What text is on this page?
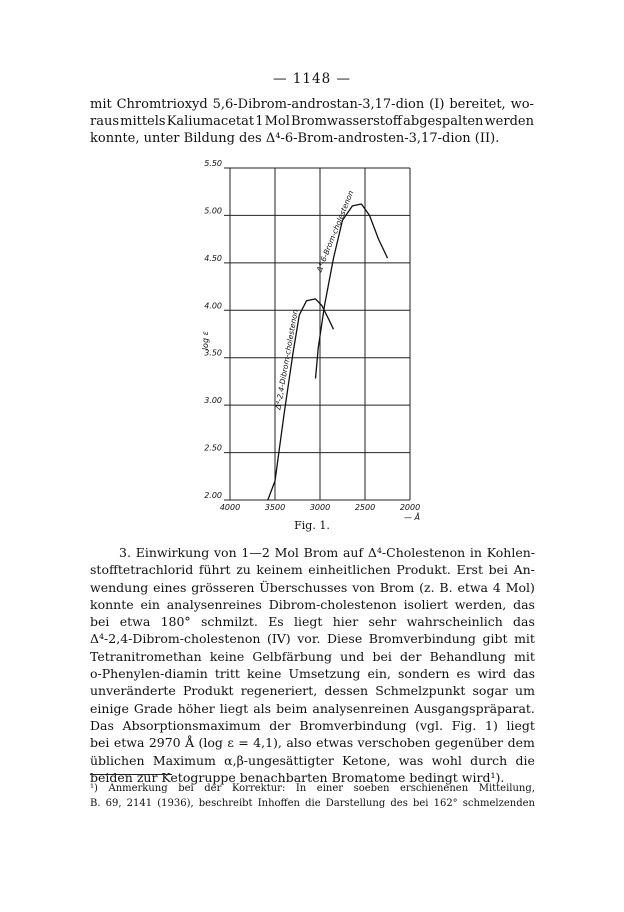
— 1148 —
mit Chromtrioxyd 5,6-Dibrom-androstan-3,17-dion (I) bereitet, wo-
raus mittels Kaliumacetat 1 Mol Bromwasserstoff abgespalten werden
konnte, unter Bildung des Δ⁴-6-Brom-androsten-3,17-dion (II).
2.00
2.50
3.00
3.50
4.00
4.50
5.00
5.50
4000	3500	3000	2500	2000
log ε
— Å
Δ⁴-2,4-Dibrom-cholestenon
Δ⁴-6-Brom-cholestenon
Fig. 1.
3. Einwirkung von 1—2 Mol Brom auf Δ⁴-Cholestenon in Kohlen-
stofftetrachlorid führt zu keinem einheitlichen Produkt. Erst bei An-
wendung eines grösseren Überschusses von Brom (z. B. etwa 4 Mol)
konnte ein analysenreines Dibrom-cholestenon isoliert werden, das
bei etwa 180° schmilzt. Es liegt hier sehr wahrscheinlich das
Δ⁴-2,4-Dibrom-cholestenon (IV) vor. Diese Bromverbindung gibt mit
Tetranitromethan keine Gelbfärbung und bei der Behandlung mit
o-Phenylen-diamin tritt keine Umsetzung ein, sondern es wird das
unveränderte Produkt regeneriert, dessen Schmelzpunkt sogar um
einige Grade höher liegt als beim analysenreinen Ausgangspräparat.
Das Absorptionsmaximum der Bromverbindung (vgl. Fig. 1) liegt
bei etwa 2970 Å (log ε = 4,1), also etwas verschoben gegenüber dem
üblichen Maximum α,β-ungesättigter Ketone, was wohl durch die
beiden zur Ketogruppe benachbarten Bromatome bedingt wird¹).
¹) Anmerkung bei der Korrektur: In einer soeben erschienenen Mitteilung,
B. 69, 2141 (1936), beschreibt Inhoffen die Darstellung des bei 162° schmelzenden
